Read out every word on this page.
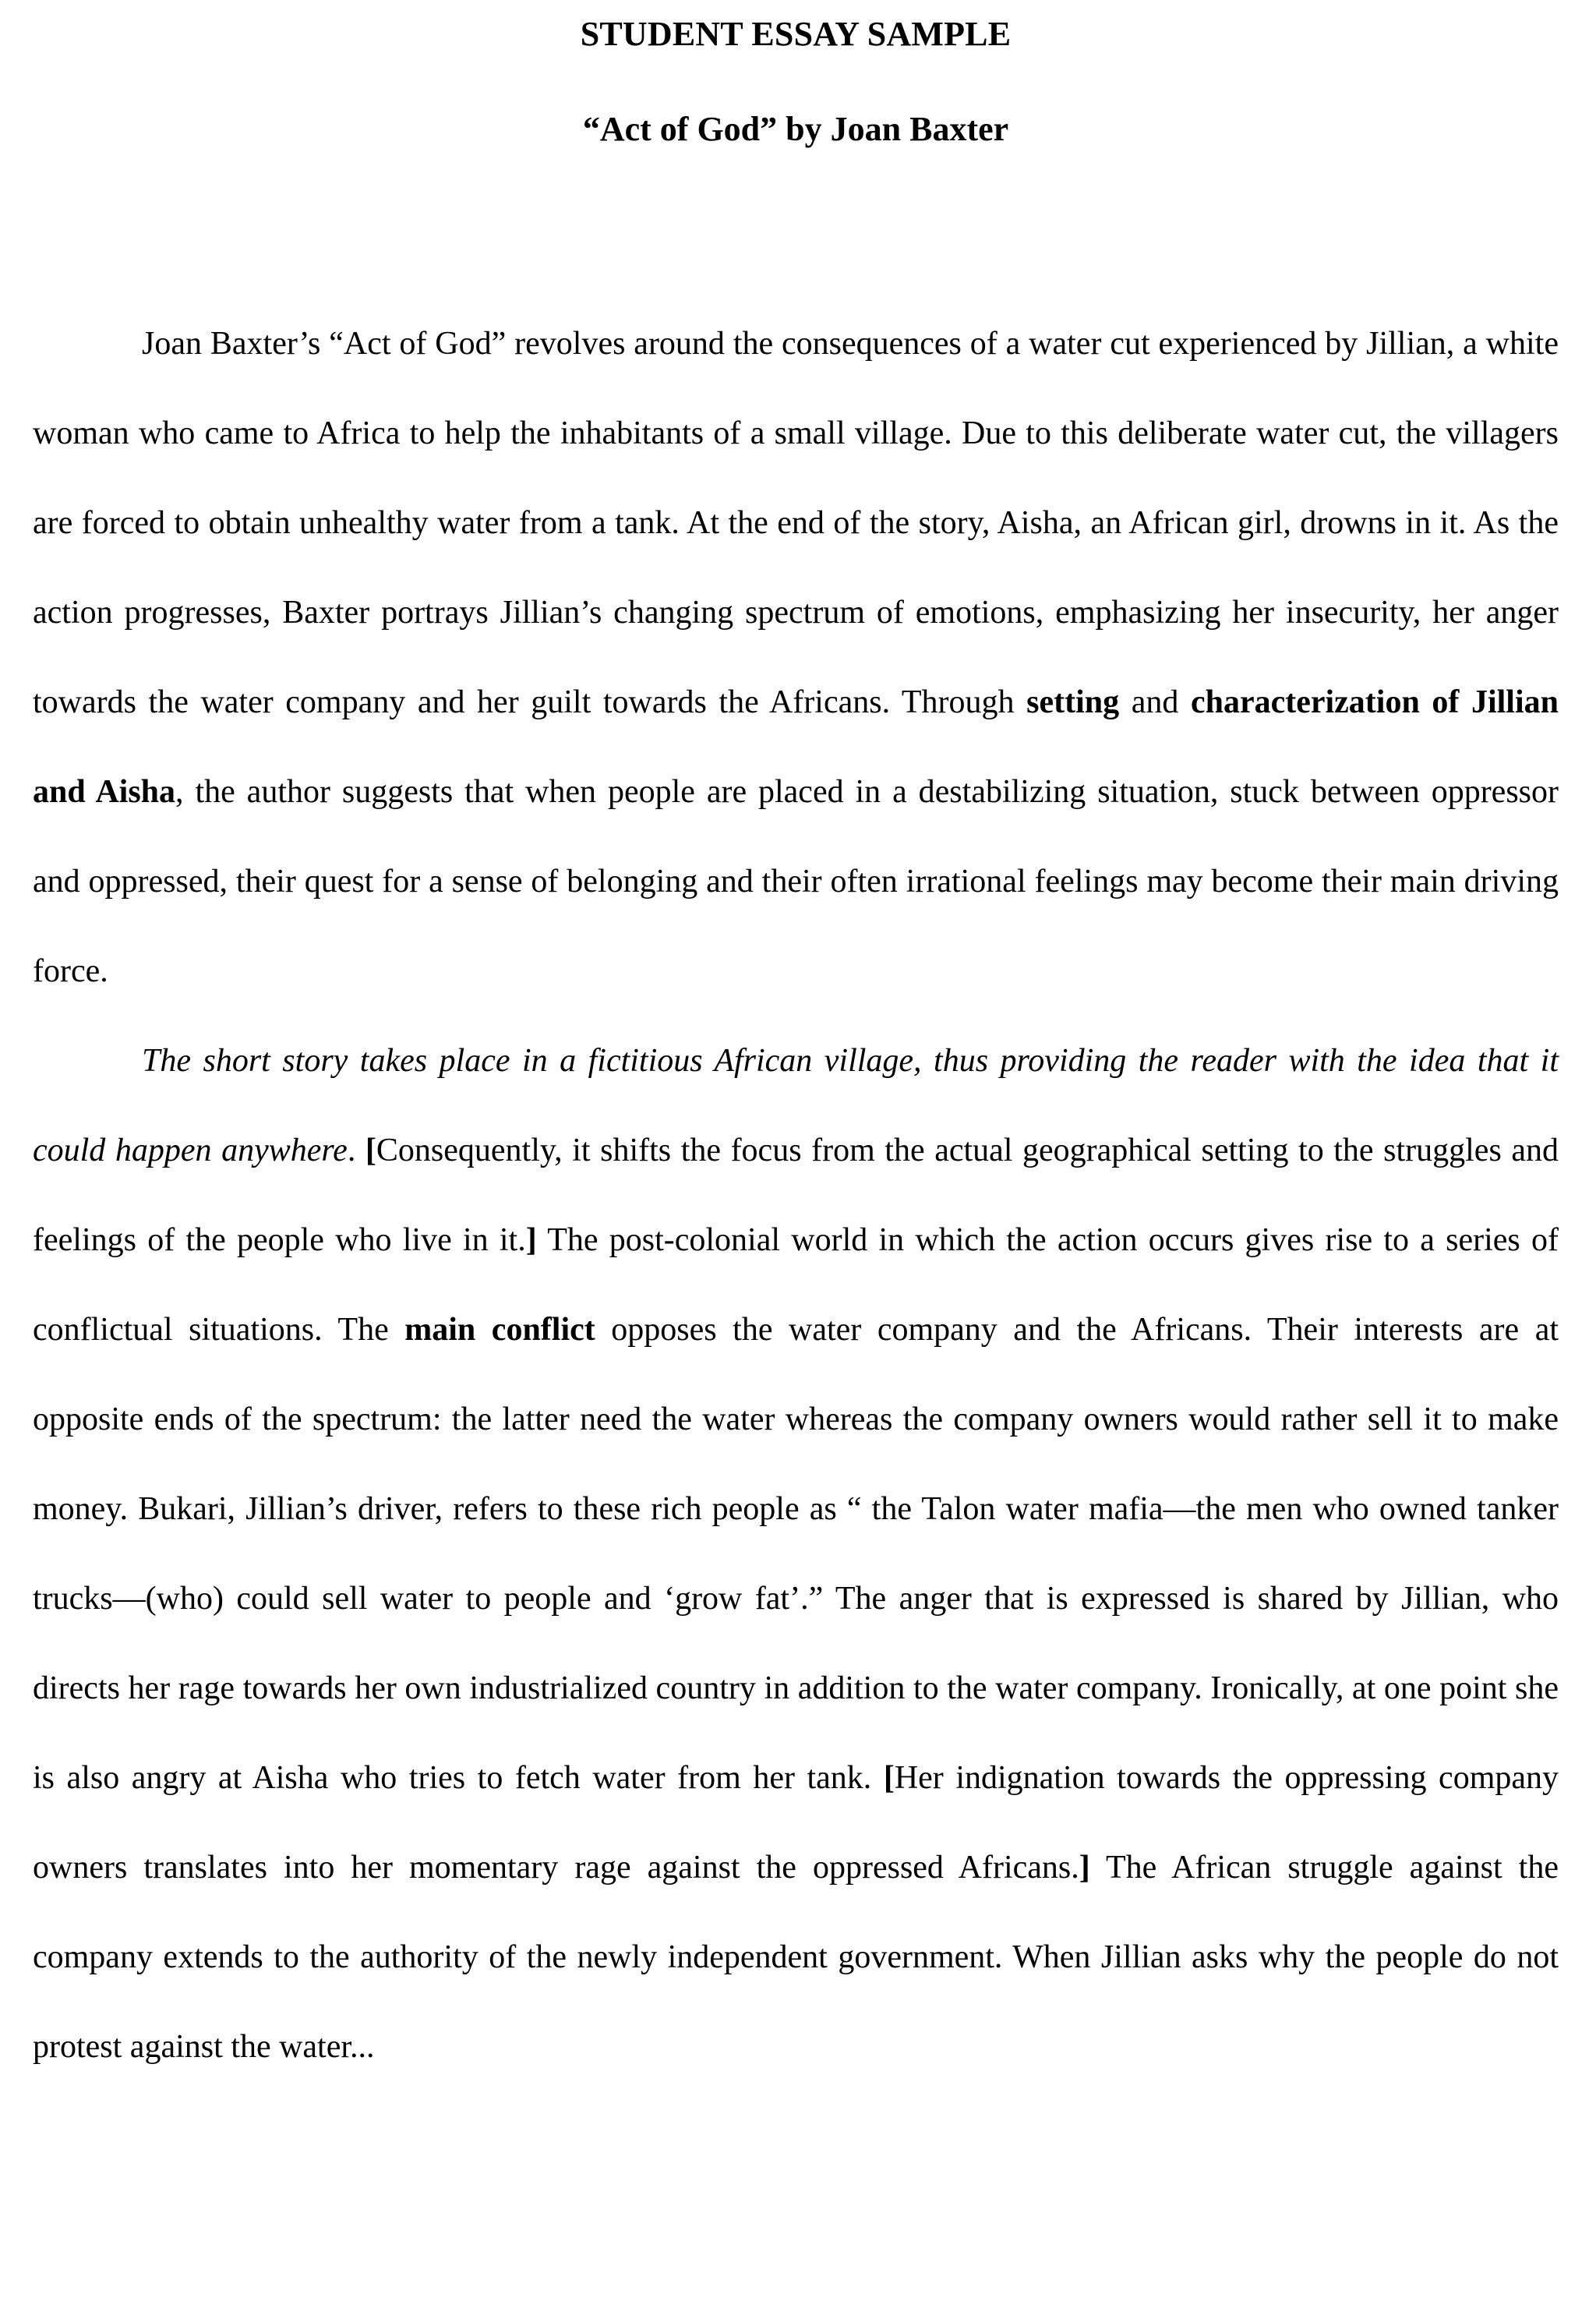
STUDENT ESSAY SAMPLE
“Act of God” by Joan Baxter

Joan Baxter’s “Act of God” revolves around the consequences of a water cut experienced by Jillian, a white woman who came to Africa to help the inhabitants of a small village. Due to this deliberate water cut, the villagers are forced to obtain unhealthy water from a tank. At the end of the story, Aisha, an African girl, drowns in it. As the action progresses, Baxter portrays Jillian’s changing spectrum of emotions, emphasizing her insecurity, her anger towards the water company and her guilt towards the Africans. Through setting and characterization of Jillian and Aisha, the author suggests that when people are placed in a destabilizing situation, stuck between oppressor and oppressed, their quest for a sense of belonging and their often irrational feelings may become their main driving force.

The short story takes place in a fictitious African village, thus providing the reader with the idea that it could happen anywhere. [Consequently, it shifts the focus from the actual geographical setting to the struggles and feelings of the people who live in it.] The post-colonial world in which the action occurs gives rise to a series of conflictual situations. The main conflict opposes the water company and the Africans. Their interests are at opposite ends of the spectrum: the latter need the water whereas the company owners would rather sell it to make money. Bukari, Jillian’s driver, refers to these rich people as “ the Talon water mafia—the men who owned tanker trucks—(who) could sell water to people and ‘grow fat’.” The anger that is expressed is shared by Jillian, who directs her rage towards her own industrialized country in addition to the water company. Ironically, at one point she is also angry at Aisha who tries to fetch water from her tank. [Her indignation towards the oppressing company owners translates into her momentary rage against the oppressed Africans.] The African struggle against the company extends to the authority of the newly independent government. When Jillian asks why the people do not protest against the water...
